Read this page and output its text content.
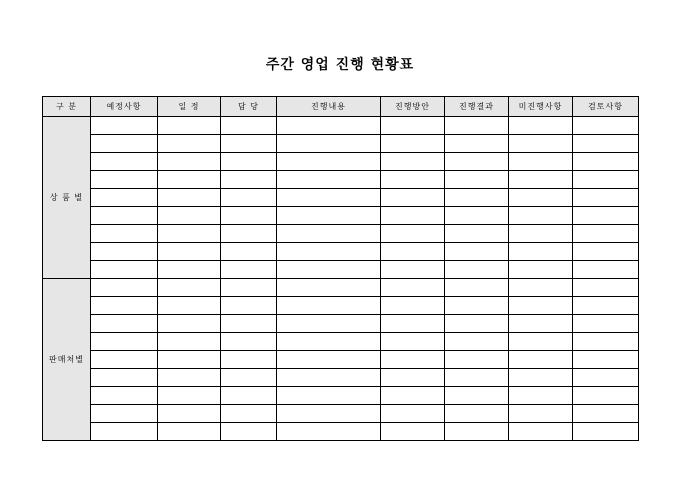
주간 영업 진행 현황표
구 분	예정사항	일 정	담 당	진행내용	진행방안	진행결과	미진행사항	검토사항
상 품 별								

판매처별								
